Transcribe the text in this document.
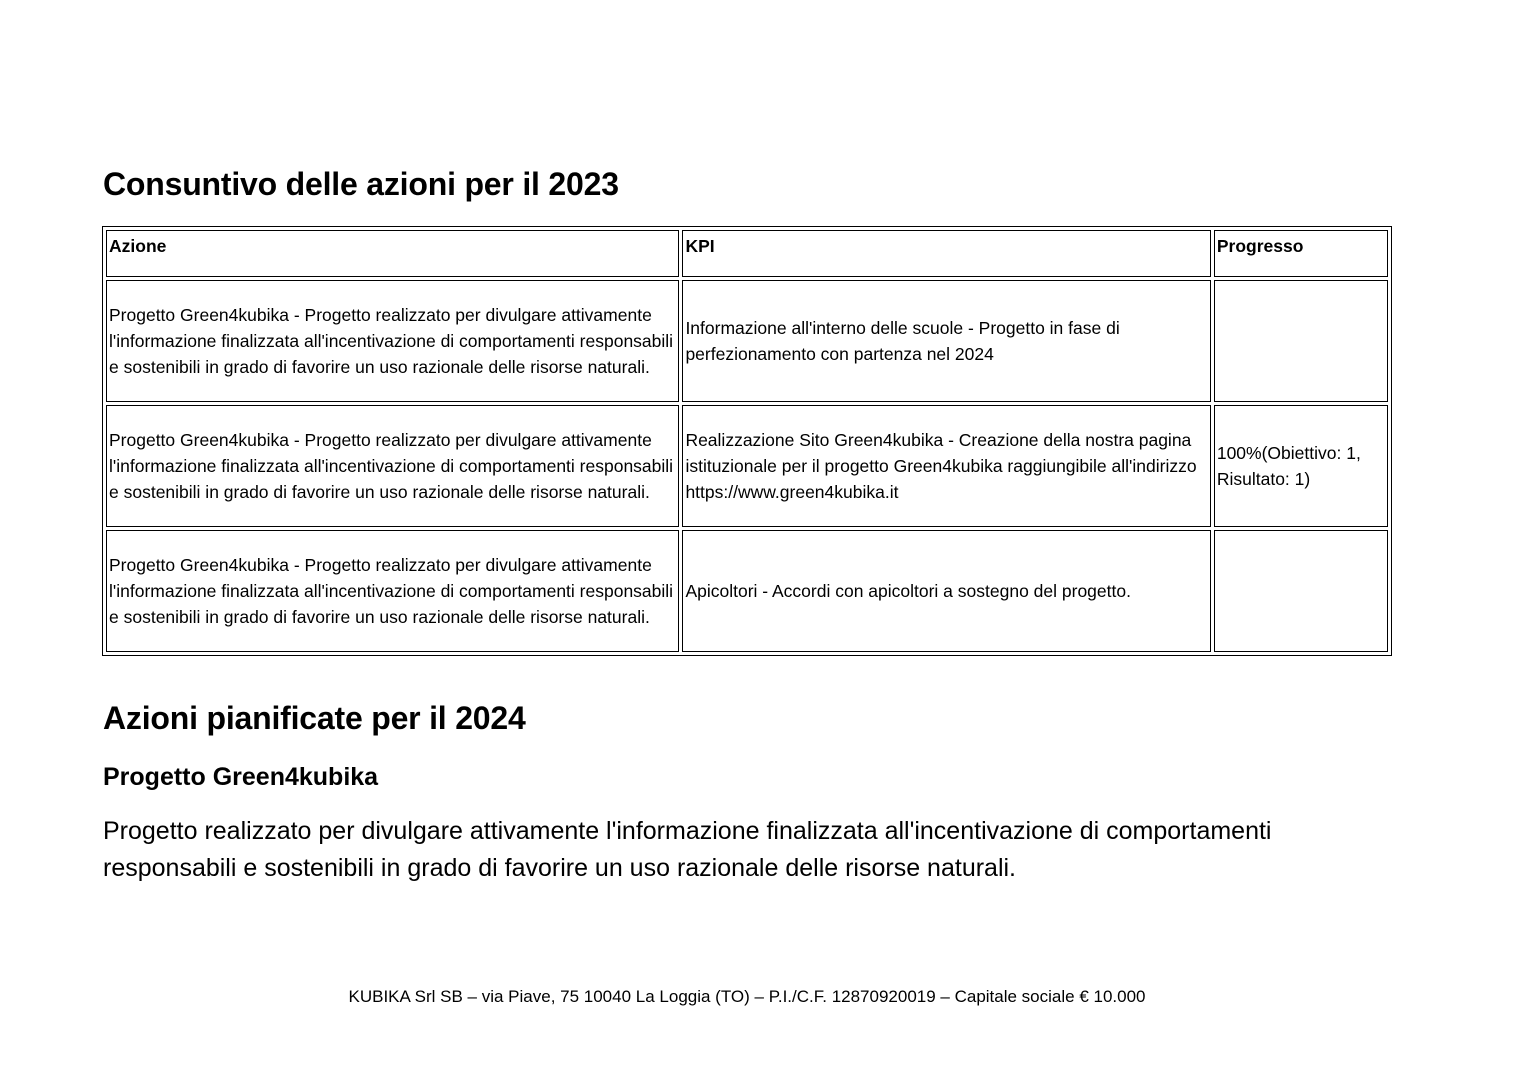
Consuntivo delle azioni per il 2023
Azione	KPI	Progresso
Progetto Green4kubika - Progetto realizzato per divulgare attivamente l'informazione finalizzata all'incentivazione di comportamenti responsabili e sostenibili in grado di favorire un uso razionale delle risorse naturali.	Informazione all'interno delle scuole - Progetto in fase di perfezionamento con partenza nel 2024	
Progetto Green4kubika - Progetto realizzato per divulgare attivamente l'informazione finalizzata all'incentivazione di comportamenti responsabili e sostenibili in grado di favorire un uso razionale delle risorse naturali.	Realizzazione Sito Green4kubika - Creazione della nostra pagina istituzionale per il progetto Green4kubika raggiungibile all'indirizzo https://www.green4kubika.it	100%(Obiettivo: 1, Risultato: 1)
Progetto Green4kubika - Progetto realizzato per divulgare attivamente l'informazione finalizzata all'incentivazione di comportamenti responsabili e sostenibili in grado di favorire un uso razionale delle risorse naturali.	Apicoltori - Accordi con apicoltori a sostegno del progetto.	
Azioni pianificate per il 2024
Progetto Green4kubika

Progetto realizzato per divulgare attivamente l'informazione finalizzata all'incentivazione di comportamenti responsabili e sostenibili in grado di favorire un uso razionale delle risorse naturali.

KUBIKA Srl SB – via Piave, 75 10040 La Loggia (TO) – P.I./C.F. 12870920019 – Capitale sociale € 10.000
